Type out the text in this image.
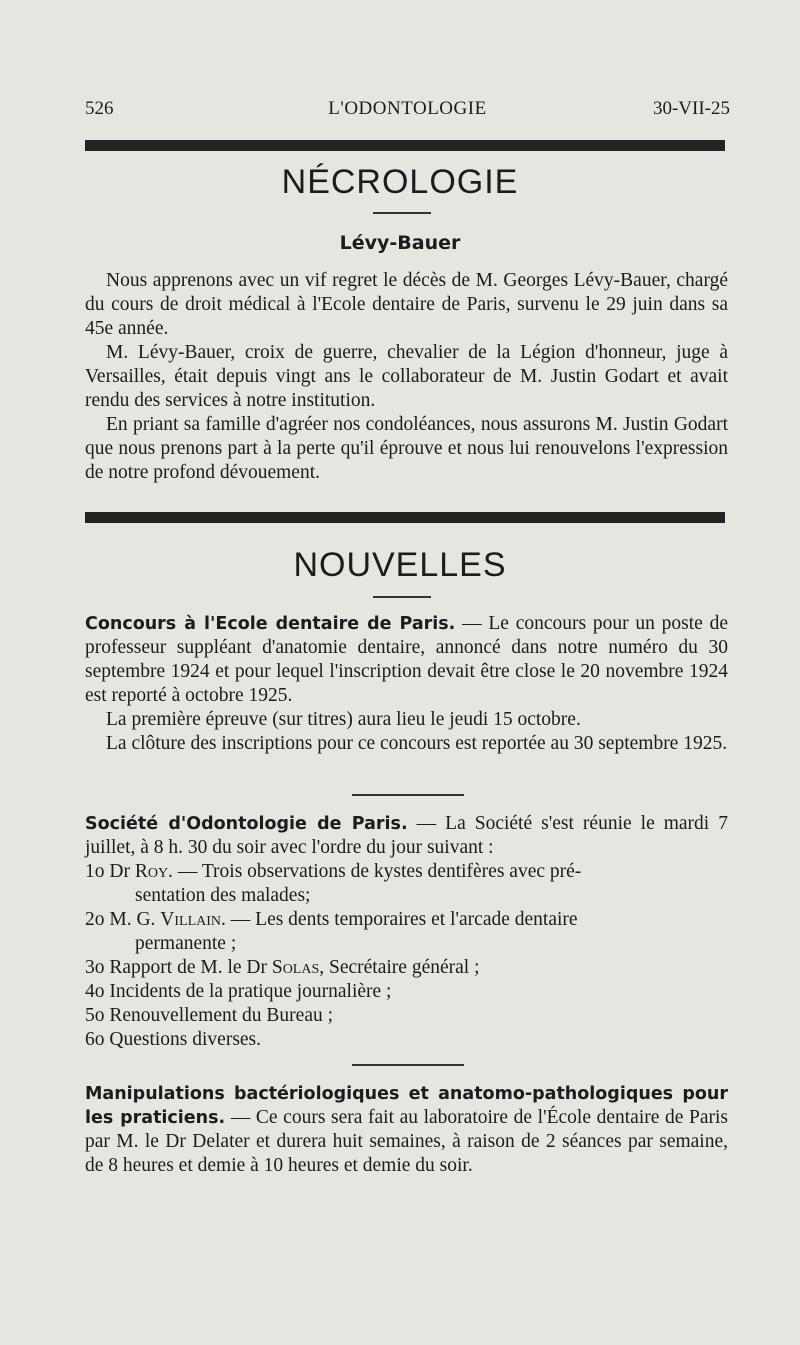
526	L'ODONTOLOGIE	30-VII-25
NÉCROLOGIE
Lévy-Bauer

Nous apprenons avec un vif regret le décès de M. Georges Lévy-Bauer, chargé du cours de droit médical à l'Ecole dentaire de Paris, survenu le 29 juin dans sa 45e année.

M. Lévy-Bauer, croix de guerre, chevalier de la Légion d'honneur, juge à Versailles, était depuis vingt ans le collaborateur de M. Justin Godart et avait rendu des services à notre institution.

En priant sa famille d'agréer nos condoléances, nous assurons M. Justin Godart que nous prenons part à la perte qu'il éprouve et nous lui renouvelons l'expression de notre profond dévouement.

NOUVELLES

Concours à l'Ecole dentaire de Paris. — Le concours pour un poste de professeur suppléant d'anatomie dentaire, annoncé dans notre numéro du 30 septembre 1924 et pour lequel l'inscription devait être close le 20 novembre 1924 est reporté à octobre 1925.

La première épreuve (sur titres) aura lieu le jeudi 15 octobre.

La clôture des inscriptions pour ce concours est reportée au 30 septembre 1925.

Société d'Odontologie de Paris. — La Société s'est réunie le mardi 7 juillet, à 8 h. 30 du soir avec l'ordre du jour suivant :

1o Dr Roy. — Trois observations de kystes dentifères avec pré-

sentation des malades;

2o M. G. Villain. — Les dents temporaires et l'arcade dentaire

permanente ;

3o Rapport de M. le Dr Solas, Secrétaire général ;

4o Incidents de la pratique journalière ;

5o Renouvellement du Bureau ;

6o Questions diverses.

Manipulations bactériologiques et anatomo-pathologiques pour les praticiens. — Ce cours sera fait au laboratoire de l'École dentaire de Paris par M. le Dr Delater et durera huit semaines, à raison de 2 séances par semaine, de 8 heures et demie à 10 heures et demie du soir.
